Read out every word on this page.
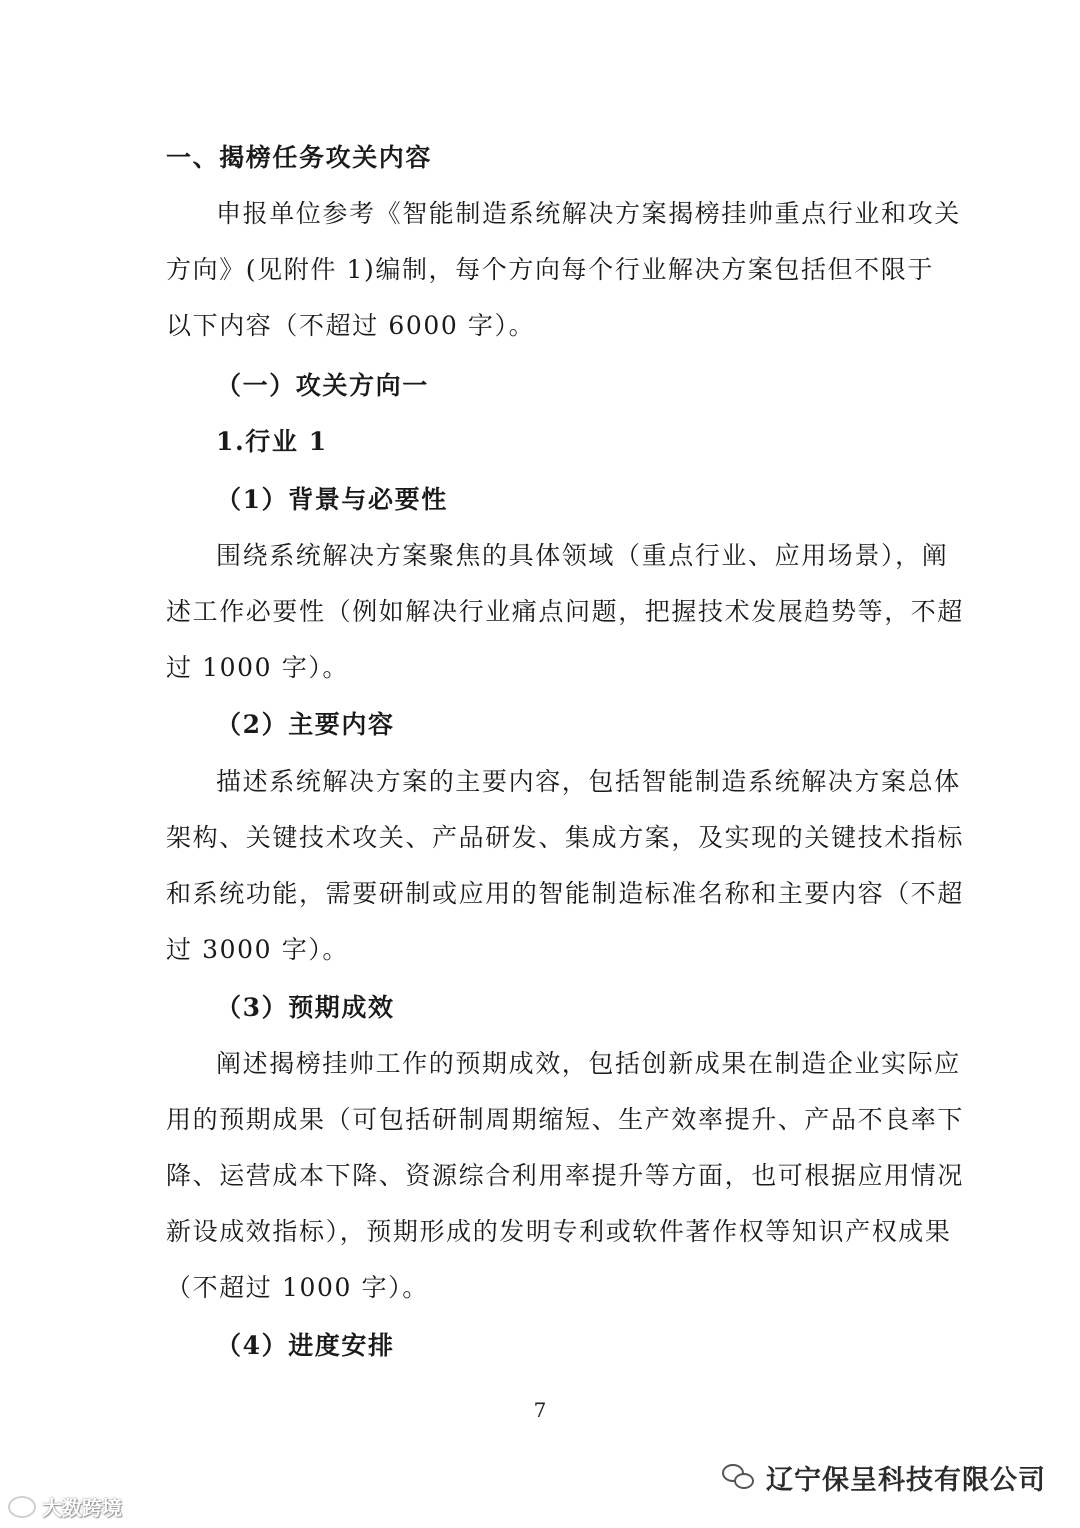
一、揭榜任务攻关内容
申报单位参考《智能制造系统解决方案揭榜挂帅重点行业和攻关
方向》(见附件 1)编制，每个方向每个行业解决方案包括但不限于
以下内容（不超过 6000 字）。
（一）攻关方向一
1.行业 1
（1）背景与必要性
围绕系统解决方案聚焦的具体领域（重点行业、应用场景），阐
述工作必要性（例如解决行业痛点问题，把握技术发展趋势等，不超
过 1000 字）。
（2）主要内容
描述系统解决方案的主要内容，包括智能制造系统解决方案总体
架构、关键技术攻关、产品研发、集成方案，及实现的关键技术指标
和系统功能，需要研制或应用的智能制造标准名称和主要内容（不超
过 3000 字）。
（3）预期成效
阐述揭榜挂帅工作的预期成效，包括创新成果在制造企业实际应
用的预期成果（可包括研制周期缩短、生产效率提升、产品不良率下
降、运营成本下降、资源综合利用率提升等方面，也可根据应用情况
新设成效指标），预期形成的发明专利或软件著作权等知识产权成果
（不超过 1000 字）。
（4）进度安排
7
大数跨境
辽宁保呈科技有限公司
